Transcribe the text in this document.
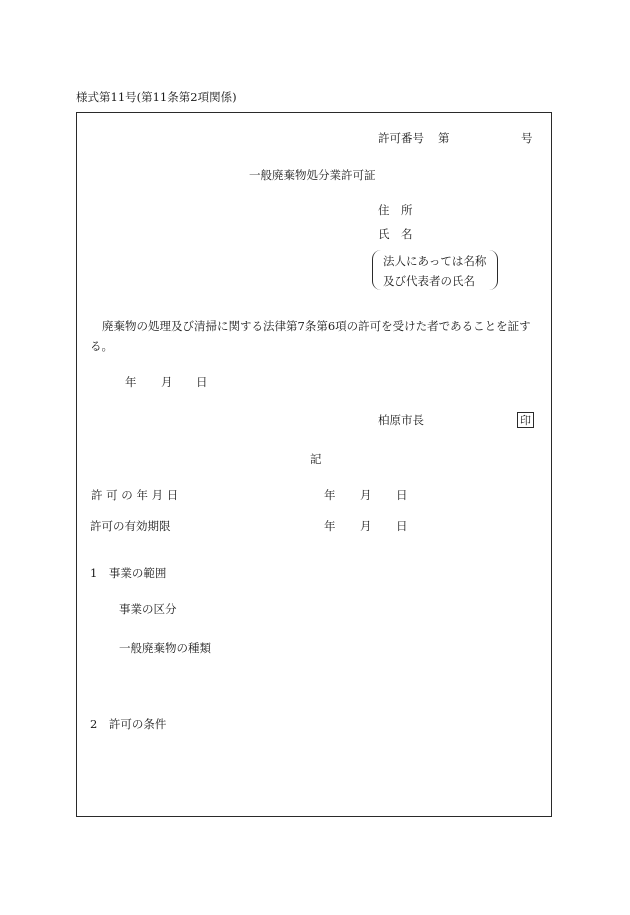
様式第11号(第11条第2項関係)
許可番号 第	号
一般廃棄物処分業許可証
住　所
氏　名
法人にあっては名称
及び代表者の氏名
廃棄物の処理及び清掃に関する法律第7条第6項の許可を受けた者であることを証す
る。
年 月 日
柏原市長	印
記
許 可 の 年 月 日	年 月 日
許可の有効期限	年 月 日
1　事業の範囲
事業の区分
一般廃棄物の種類
2　許可の条件
